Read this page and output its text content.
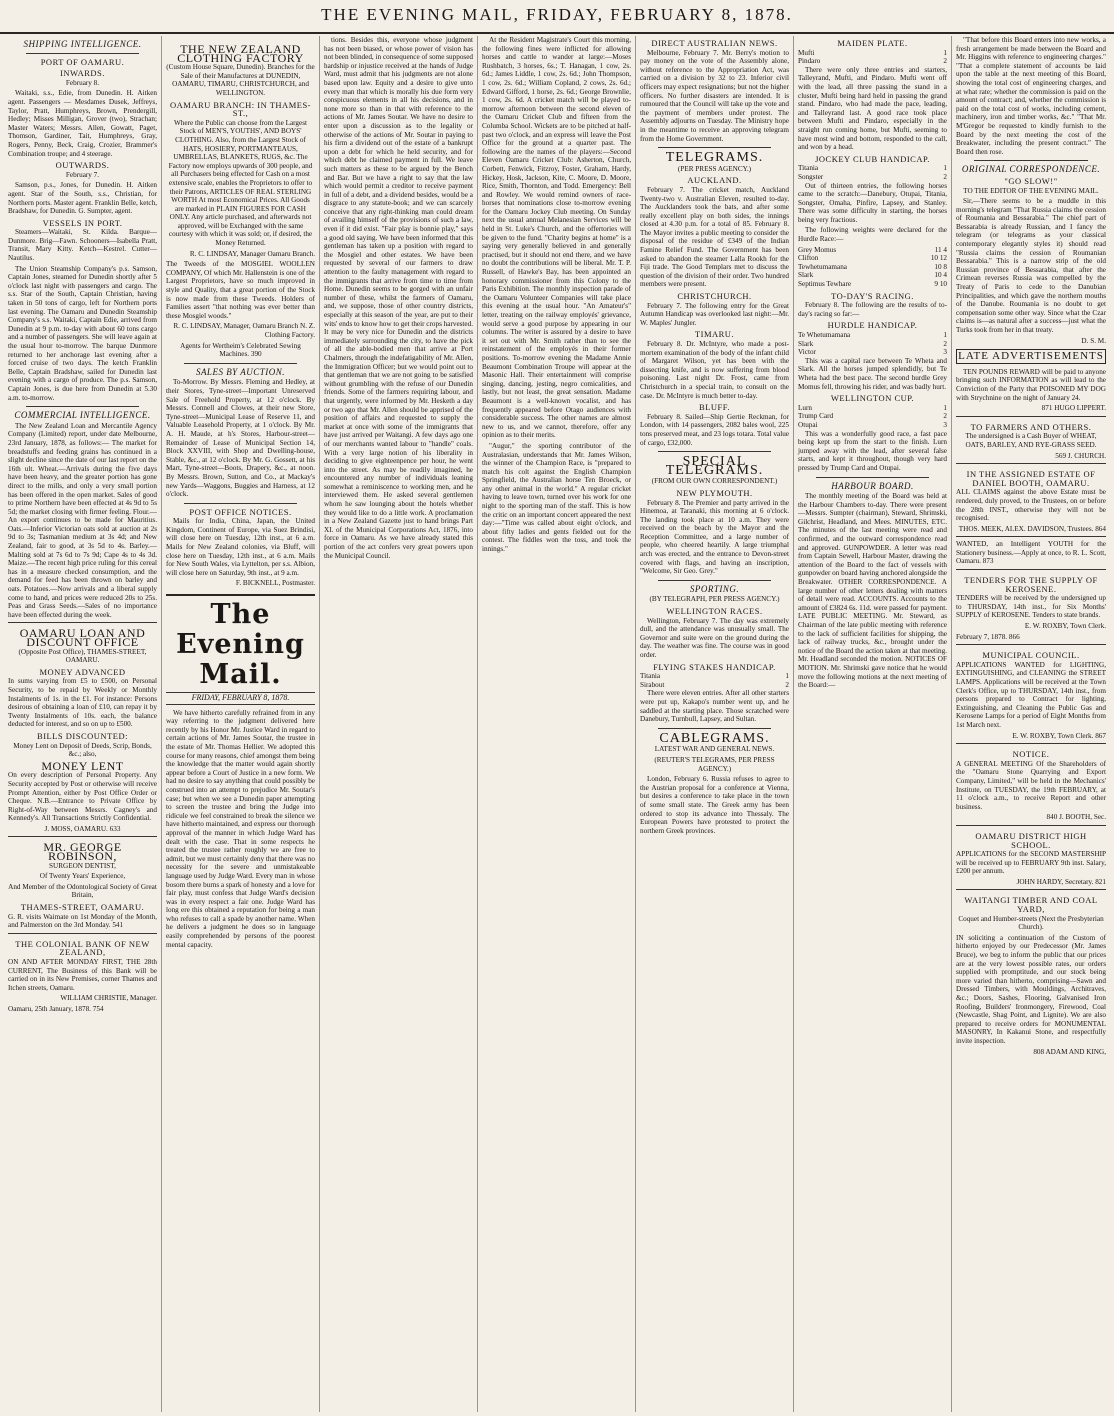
THE EVENING MAIL, FRIDAY, FEBRUARY 8, 1878.
SHIPPING INTELLIGENCE.
PORT OF OAMARU.
INWARDS.

February 8.

Waitaki, s.s., Edie, from Dunedin. H. Aitken agent. Passengers — Mesdames Dusek, Jeffreys, Taylor, Pratt, Humphreys, Brown, Prendergill, Hedley; Misses Milligan, Grover (two), Strachan; Master Waters; Messrs. Allen, Gowatt, Paget, Thomson, Gardiner, Tait, Humphreys, Gray, Rogers, Penny, Beck, Craig, Crozier, Brammer's Combination troupe; and 4 steerage.

OUTWARDS.

February 7.

Samson, p.s., Jones, for Dunedin. H. Aitken agent. Star of the South, s.s., Christian, for Northern ports. Master agent. Franklin Belle, ketch, Bradshaw, for Dunedin. G. Sumpter, agent.

VESSELS IN PORT.

Steamers—Waitaki, St. Kilda. Barque—Dunmore. Brig—Fawn. Schooners—Isabella Pratt, Transit, Mary Kitty. Ketch—Kestrel. Cutter—Nautilus.

The Union Steamship Company's p.s. Samson, Captain Jones, steamed for Dunedin shortly after 5 o'clock last night with passengers and cargo. The s.s. Star of the South, Captain Christian, having taken in 50 tons of cargo, left for Northern ports last evening. The Oamaru and Dunedin Steamship Company's s.s. Waitaki, Captain Edie, arrived from Dunedin at 9 p.m. to-day with about 60 tons cargo and a number of passengers. She will leave again at the usual hour to-morrow. The barque Dunmore returned to her anchorage last evening after a forced cruise of two days. The ketch Franklin Belle, Captain Bradshaw, sailed for Dunedin last evening with a cargo of produce. The p.s. Samson, Captain Jones, is due here from Dunedin at 5.30 a.m. to-morrow.

COMMERCIAL INTELLIGENCE.

The New Zealand Loan and Mercantile Agency Company (Limited) report, under date Melbourne, 23rd January, 1878, as follows:— The market for breadstuffs and feeding grains has continued in a slight decline since the date of our last report on the 16th ult. Wheat.—Arrivals during the five days have been heavy, and the greater portion has gone direct to the mills, and only a very small portion has been offered in the open market. Sales of good to prime Northern have been effected at 4s 9d to 5s 5d; the market closing with firmer feeling. Flour.—An export continues to be made for Mauritius. Oats.—Inferior Victorian oats sold at auction at 2s 9d to 3s; Tasmanian medium at 3s 4d; and New Zealand, fair to good, at 3s 5d to 4s. Barley.—Malting sold at 7s 6d to 7s 9d; Cape 4s to 4s 3d. Maize.—The recent high price ruling for this cereal has in a measure checked consumption, and the demand for feed has been thrown on barley and oats. Potatoes.—Now arrivals and a liberal supply come to hand, and prices were reduced 20s to 25s. Peas and Grass Seeds.—Sales of no importance have been effected during the week.

OAMARU LOAN AND DISCOUNT OFFICE

(Opposite Post Office), THAMES-STREET, OAMARU.

MONEY ADVANCED

In sums varying from £5 to £500, on Personal Security, to be repaid by Weekly or Monthly Instalments of 1s. in the £1. For instance: Persons desirous of obtaining a loan of £10, can repay it by Twenty Instalments of 10s. each, the balance deducted for interest, and so on up to £500.

BILLS DISCOUNTED:

Money Lent on Deposit of Deeds, Scrip, Bonds, &c.; also,

MONEY LENT

On every description of Personal Property. Any Security accepted by Post or otherwise will receive Prompt Attention, either by Post Office Order or Cheque. N.B.—Entrance to Private Office by Right-of-Way between Messrs. Cagney's and Kennedy's. All Transactions Strictly Confidential.

J. MOSS, OAMARU. 633

MR. GEORGE ROBINSON,

SURGEON DENTIST,

Of Twenty Years' Experience,

And Member of the Odontological Society of Great Britain,

THAMES-STREET, OAMARU.

G. R. visits Waimate on 1st Monday of the Month, and Palmerston on the 3rd Monday. 541

THE COLONIAL BANK OF NEW ZEALAND,

ON AND AFTER MONDAY FIRST, THE 28th CURRENT, The Business of this Bank will be carried on in its New Premises, corner Thames and Itchen streets, Oamaru.

WILLIAM CHRISTIE, Manager.

Oamaru, 25th January, 1878. 754

THE NEW ZEALAND CLOTHING FACTORY

(Custom House Square, Dunedin). Branches for the Sale of their Manufactures at DUNEDIN, OAMARU, TIMARU, CHRISTCHURCH, and WELLINGTON.

OAMARU BRANCH: IN THAMES-ST.,

Where the Public can choose from the Largest Stock of MEN'S, YOUTHS', AND BOYS' CLOTHING. Also, from the Largest Stock of HATS, HOSIERY, PORTMANTEAUS, UMBRELLAS, BLANKETS, RUGS, &c. The Factory now employs upwards of 300 people, and all Purchasers being effected for Cash on a most extensive scale, enables the Proprietors to offer to their Patrons, ARTICLES OF REAL STERLING WORTH At most Economical Prices. All Goods are marked in PLAIN FIGURES FOR CASH ONLY. Any article purchased, and afterwards not approved, will be Exchanged with the same courtesy with which it was sold; or, if desired, the Money Returned.

R. C. LINDSAY, Manager Oamaru Branch.

The Tweeds of the MOSGIEL WOOLLEN COMPANY, Of which Mr. Hallenstein is one of the Largest Proprietors, have so much improved in style and Quality, that a great portion of the Stock is now made from these Tweeds. Holders of Families assert "that nothing was ever better than these Mosgiel woods."

R. C. LINDSAY, Manager, Oamaru Branch N. Z. Clothing Factory.

Agents for Wertheim's Celebrated Sewing Machines. 390

SALES BY AUCTION.

To-Morrow. By Messrs. Fleming and Hedley, at their Stores, Tyne-street—Important Unreserved Sale of Freehold Property, at 12 o'clock. By Messrs. Connell and Clowes, at their new Store, Tyne-street—Municipal Lease of Reserve 11, and Valuable Leasehold Property, at 1 o'clock. By Mr. A. H. Maude, at h's Stores, Harbour-street—Remainder of Lease of Municipal Section 14, Block XXVIII, with Shop and Dwelling-house, Stable, &c., at 12 o'clock. By Mr. G. Gossett, at his Mart, Tyne-street—Boots, Drapery, &c., at noon. By Messrs. Brown, Sutton, and Co., at Mackay's new Yards—Waggons, Buggies and Harness, at 12 o'clock.

POST OFFICE NOTICES.

Mails for India, China, Japan, the United Kingdom, Continent of Europe, via Suez Brindisi, will close here on Tuesday, 12th inst., at 6 a.m. Mails for New Zealand colonies, via Bluff, will close here on Tuesday, 12th inst., at 6 a.m. Mails for New South Wales, via Lyttelton, per s.s. Albion, will close here on Saturday, 9th inst., at 9 a.m.

F. BICKNELL, Postmaster.

The Evening Mail.
FRIDAY, FEBRUARY 8, 1878.

We have hitherto carefully refrained from in any way referring to the judgment delivered here recently by his Honor Mr. Justice Ward in regard to certain actions of Mr. James Soutar, the trustee in the estate of Mr. Thomas Hellier. We adopted this course for many reasons, chief amongst them being the knowledge that the matter would again shortly appear before a Court of Justice in a new form. We had no desire to say anything that could possibly be construed into an attempt to prejudice Mr. Soutar's case; but when we see a Dunedin paper attempting to screen the trustee and bring the Judge into ridicule we feel constrained to break the silence we have hitherto maintained, and express our thorough approval of the manner in which Judge Ward has dealt with the case. That in some respects he treated the trustee rather roughly we are free to admit, but we must certainly deny that there was no necessity for the severe and unmistakeable language used by Judge Ward. Every man in whose bosom there burns a spark of honesty and a love for fair play, must confess that Judge Ward's decision was in every respect a fair one. Judge Ward has long ere this obtained a reputation for being a man who refuses to call a spade by another name. When he delivers a judgment he does so in language easily comprehended by persons of the poorest mental capacity.

tions. Besides this, everyone whose judgment has not been biased, or whose power of vision has not been blinded, in consequence of some supposed hardship or injustice received at the hands of Judge Ward, must admit that his judgments are not alone based upon law. Equity and a desire to give unto every man that which is morally his due form very conspicuous elements in all his decisions, and in none more so than in that with reference to the actions of Mr. James Soutar. We have no desire to enter upon a discussion as to the legality or otherwise of the actions of Mr. Soutar in paying to his firm a dividend out of the estate of a bankrupt upon a debt for which he held security, and for which debt he claimed payment in full. We leave such matters as these to be argued by the Bench and Bar. But we have a right to say that the law which would permit a creditor to receive payment in full of a debt, and a dividend besides, would be a disgrace to any statute-book; and we can scarcely conceive that any right-thinking man could dream of availing himself of the provisions of such a law, even if it did exist. "Fair play is bonnie play," says a good old saying. We have been informed that this gentleman has taken up a position with regard to the Mosgiel and other estates. We have been requested by several of our farmers to draw attention to the faulty management with regard to the immigrants that arrive from time to time from Home. Dunedin seems to be gorged with an unfair number of these, whilst the farmers of Oamaru, and, we suppose, those of other country districts, especially at this season of the year, are put to their wits' ends to know how to get their crops harvested. It may be very nice for Dunedin and the districts immediately surrounding the city, to have the pick of all the able-bodied men that arrive at Port Chalmers, through the indefatigability of Mr. Allen, the Immigration Officer; but we would point out to that gentleman that we are not going to be satisfied without grumbling with the refuse of our Dunedin friends. Some of the farmers requiring labour, and that urgently, were informed by Mr. Hesketh a day or two ago that Mr. Allen should be apprised of the position of affairs and requested to supply the market at once with some of the immigrants that have just arrived per Waitangi. A few days ago one of our merchants wanted labour to "handle" coals. With a very large notion of his liberality in deciding to give eighteenpence per hour, he went into the street. As may be readily imagined, he encountered any number of individuals leaning somewhat a reminiscence to working men, and he interviewed them. He asked several gentlemen whom he saw lounging about the hotels whether they would like to do a little work. A proclamation in a New Zealand Gazette just to hand brings Part XI. of the Municipal Corporations Act, 1876, into force in Oamaru. As we have already stated this portion of the act confers very great powers upon the Municipal Council.

At the Resident Magistrate's Court this morning, the following fines were inflicted for allowing horses and cattle to wander at large:—Moses Rushbatch, 3 horses, 6s.; T. Hanagan, 1 cow, 2s. 6d.; James Liddle, 1 cow, 2s. 6d.; John Thompson, 1 cow, 2s. 6d.; William Copland, 2 cows, 2s. 6d.; Edward Gifford, 1 horse, 2s. 6d.; George Brownlie, 1 cow, 2s. 6d. A cricket match will be played to-morrow afternoon between the second eleven of the Oamaru Cricket Club and fifteen from the Columba School. Wickets are to be pitched at half-past two o'clock, and an express will leave the Post Office for the ground at a quarter past. The following are the names of the players:—Second Eleven Oamaru Cricket Club: Asherton, Church, Corbett, Fenwick, Fitzroy, Foster, Graham, Hardy, Hickey, Hosk, Jackson, Kite, C. Moore, D. Moore, Rice, Smith, Thornton, and Todd. Emergency: Bell and Rowley. We would remind owners of race-horses that nominations close to-morrow evening for the Oamaru Jockey Club meeting. On Sunday next the usual annual Melanesian Services will be held in St. Luke's Church, and the offertories will be given to the fund. "Charity begins at home" is a saying very generally believed in and generally practised, but it should not end there, and we have no doubt the contributions will be liberal. Mr. T. P. Russell, of Hawke's Bay, has been appointed an honorary commissioner from this Colony to the Paris Exhibition. The monthly inspection parade of the Oamaru Volunteer Companies will take place this evening at the usual hour. "An Amateur's" letter, treating on the railway employés' grievance, would serve a good purpose by appearing in our columns. The writer is assured by a desire to have it set out with Mr. Smith rather than to see the reinstatement of the employés in their former positions. To-morrow evening the Madame Annie Beaumont Combination Troupe will appear at the Masonic Hall. Their entertainment will comprise singing, dancing, jesting, negro comicalities, and lastly, but not least, the great sensation. Madame Beaumont is a well-known vocalist, and has frequently appeared before Otago audiences with considerable success. The other names are almost new to us, and we cannot, therefore, offer any opinion as to their merits.

"Augur," the sporting contributor of the Australasian, understands that Mr. James Wilson, the winner of the Champion Race, is "prepared to match his colt against the English Champion Springfield, the Australian horse Ten Broeck, or any other animal in the world." A regular cricket having to leave town, turned over his work for one night to the sporting man of the staff. This is how the critic on an important concert appeared the next day:—"Time was called about eight o'clock, and about fifty ladies and gents fielded out for the contest. The fiddles won the toss, and took the innings."

DIRECT AUSTRALIAN NEWS.

Melbourne, February 7. Mr. Berry's motion to pay money on the vote of the Assembly alone, without reference to the Appropriation Act, was carried on a division by 32 to 23. Inferior civil officers may expect resignations; but not the higher officers. No further disasters are intended. It is rumoured that the Council will take up the vote and the payment of members under protest. The Assembly adjourns on Tuesday. The Ministry hope in the meantime to receive an approving telegram from the Home Government.

TELEGRAMS.

(PER PRESS AGENCY.)

AUCKLAND.

February 7. The cricket match, Auckland Twenty-two v. Australian Eleven, resulted to-day. The Aucklanders took the bats, and after some really excellent play on both sides, the innings closed at 4.30 p.m. for a total of 85. February 8. The Mayor invites a public meeting to consider the disposal of the residue of £349 of the Indian Famine Relief Fund. The Government has been asked to abandon the steamer Lalla Rookh for the Fiji trade. The Good Templars met to discuss the question of the division of their order. Two hundred members were present.

CHRISTCHURCH.

February 7. The following entry for the Great Autumn Handicap was overlooked last night:—Mr. W. Maples' Jungler.

TIMARU.

February 8. Dr. McIntyre, who made a post-mortem examination of the body of the infant child of Margaret Wilson, yet has been with the dissecting knife, and is now suffering from blood poisoning. Last night Dr. Frost, came from Christchurch in a special train, to consult on the case. Dr. McIntyre is much better to-day.

BLUFF.

February 8. Sailed—Ship Gertie Reckman, for London, with 14 passengers, 2082 bales wool, 225 tons preserved meat, and 23 logs totara. Total value of cargo, £32,000.

SPECIAL TELEGRAMS.

(FROM OUR OWN CORRESPONDENT.)

NEW PLYMOUTH.

February 8. The Premier and party arrived in the Hinemoa, at Taranaki, this morning at 6 o'clock. The landing took place at 10 a.m. They were received on the beach by the Mayor and the Reception Committee, and a large number of people, who cheered heartily. A large triumphal arch was erected, and the entrance to Devon-street covered with flags, and having an inscription, "Welcome, Sir Geo. Grey."

SPORTING.

(BY TELEGRAPH, PER PRESS AGENCY.)

WELLINGTON RACES.

Wellington, February 7. The day was extremely dull, and the attendance was unusually small. The Governor and suite were on the ground during the day. The weather was fine. The course was in good order.

FLYING STAKES HANDICAP.
Titania	1
Sirabout	2

There were eleven entries. After all other starters were put up, Kakapo's number went up, and he saddled at the starting place. Those scratched were Danebury, Turnbull, Lapsey, and Sultan.

CABLEGRAMS.

LATEST WAR AND GENERAL NEWS.

(REUTER'S TELEGRAMS, PER PRESS AGENCY.)

London, February 6. Russia refuses to agree to the Austrian proposal for a conference at Vienna, but desires a conference to take place in the town of some small state. The Greek army has been ordered to stop its advance into Thessaly. The European Powers have protested to protect the northern Greek provinces.

MAIDEN PLATE.
Mufti	1
Pindaro	2

There were only three entries and starters, Talleyrand, Mufti, and Pindaro. Mufti went off with the lead, all three passing the stand in a cluster, Mufti being hard held in passing the grand stand. Pindaro, who had made the pace, leading, and Talleyrand last. A good race took place between Mufti and Pindaro, especially in the straight run coming home, but Mufti, seeming to have most wind and bottom, responded to the call, and won by a head.

JOCKEY CLUB HANDICAP.
Titania	1
Songster	2

Out of thirteen entries, the following horses came to the scratch:—Danebury, Otupai, Titania, Songster, Omaha, Pinfire, Lapsey, and Stanley. There was some difficulty in starting, the horses being very fractious.

The following weights were declared for the Hurdle Race:—

Grey Momus	11 4
Clifton	10 12
Tewhetumamana	10 8
Slark	10 4
Septimus Tewhare	9 10
TO-DAY'S RACING.

February 8. The following are the results of to-day's racing so far:—

HURDLE HANDICAP.
Te Whetumamana	1
Slark	2
Victor	3

This was a capital race between Te Wheta and Slark. All the horses jumped splendidly, but Te Wheta had the best pace. The second hurdle Grey Momus fell, throwing his rider, and was badly hurt.

WELLINGTON CUP.
Lurn	1
Trump Card	2
Otupai	3

This was a wonderfully good race, a fast pace being kept up from the start to the finish. Lurn jumped away with the lead, after several false starts, and kept it throughout, though very hard pressed by Trump Card and Otupai.

HARBOUR BOARD.

The monthly meeting of the Board was held at the Harbour Chambers to-day. There were present—Messrs. Sumpter (chairman), Steward, Shrimski, Gilchrist, Headland, and Mees. MINUTES, ETC. The minutes of the last meeting were read and confirmed, and the outward correspondence read and approved. GUNPOWDER. A letter was read from Captain Sewell, Harbour Master, drawing the attention of the Board to the fact of vessels with gunpowder on board having anchored alongside the Breakwater. OTHER CORRESPONDENCE. A large number of other letters dealing with matters of detail were read. ACCOUNTS. Accounts to the amount of £3824 6s. 11d. were passed for payment. LATE PUBLIC MEETING. Mr. Steward, as Chairman of the late public meeting with reference to the lack of sufficient facilities for shipping, the lack of railway trucks, &c., brought under the notice of the Board the action taken at that meeting. Mr. Headland seconded the motion. NOTICES OF MOTION. Mr. Shrimski gave notice that he would move the following motions at the next meeting of the Board:—

"That before this Board enters into new works, a fresh arrangement be made between the Board and Mr. Higgins with reference to engineering charges." "That a complete statement of accounts be laid upon the table at the next meeting of this Board, showing the total cost of engineering charges, and at what rate; whether the commission is paid on the amount of contract; and, whether the commission is paid on the total cost of works, including cement, machinery, iron and timber works, &c." "That Mr. M'Gregor be requested to kindly furnish to the Board by the next meeting the cost of the Breakwater, including the present contract." The Board then rose.

ORIGINAL CORRESPONDENCE.
"GO SLOW!"

TO THE EDITOR OF THE EVENING MAIL.

Sir,—There seems to be a muddle in this morning's telegram "That Russia claims the cession of Roumania and Bessarabia." The chief part of Bessarabia is already Russian, and I fancy the telegram (or telegrams as your classical contemporary elegantly styles it) should read "Russia claims the cession of Roumanian Bessarabia." This is a narrow strip of the old Russian province of Bessarabia, that after the Crimean reverses Russia was compelled by the Treaty of Paris to cede to the Danubian Principalities, and which gave the northern mouths of the Danube. Roumania is no doubt to get compensation some other way. Since what the Czar claims is—as natural after a success—just what the Turks took from her in that treaty.

D. S. M.

LATE ADVERTISEMENTS

TEN POUNDS REWARD will be paid to anyone bringing such INFORMATION as will lead to the Conviction of the Party that POISONED MY DOG with Strychnine on the night of January 24.

871 HUGO LIPPERT.

TO FARMERS AND OTHERS.

The undersigned is a Cash Buyer of WHEAT, OATS, BARLEY, AND RYE-GRASS SEED.

569 J. CHURCH.

IN THE ASSIGNED ESTATE OF DANIEL BOOTH, OAMARU.

ALL CLAIMS against the above Estate must be rendered, duly proved, to the Trustees, on or before the 28th INST., otherwise they will not be recognised.

THOS. MEEK, ALEX. DAVIDSON, Trustees. 864

WANTED, an Intelligent YOUTH for the Stationery business.—Apply at once, to R. L. Scott, Oamaru. 873

TENDERS FOR THE SUPPLY OF KEROSENE.

TENDERS will be received by the undersigned up to THURSDAY, 14th inst., for Six Months' SUPPLY of KEROSENE. Tenders to state brands.

E. W. ROXBY, Town Clerk.

February 7, 1878. 866

MUNICIPAL COUNCIL.

APPLICATIONS WANTED for LIGHTING, EXTINGUISHING, and CLEANING the STREET LAMPS. Applications will be received at the Town Clerk's Office, up to THURSDAY, 14th inst., from persons prepared to Contract for lighting, Extinguishing, and Cleaning the Public Gas and Kerosene Lamps for a period of Eight Months from 1st March next.

E. W. ROXBY, Town Clerk. 867

NOTICE.

A GENERAL MEETING Of the Shareholders of the "Oamaru Stone Quarrying and Export Company, Limited," will be held in the Mechanics' Institute, on TUESDAY, the 19th FEBRUARY, at 11 o'clock a.m., to receive Report and other business.

840 J. BOOTH, Sec.

OAMARU DISTRICT HIGH SCHOOL.

APPLICATIONS for the SECOND MASTERSHIP will be received up to FEBRUARY 9th inst. Salary, £200 per annum.

JOHN HARDY, Secretary. 821

WAITANGI TIMBER AND COAL YARD,

Coquet and Humber-streets (Next the Presbyterian Church).

IN soliciting a continuation of the Custom of hitherto enjoyed by our Predecessor (Mr. James Bruce), we beg to inform the public that our prices are at the very lowest possible rates, our orders supplied with promptitude, and our stock being more varied than hitherto, comprising—Sawn and Dressed Timbers, with Mouldings, Architraves, &c.; Doors, Sashes, Flooring, Galvanised Iron Roofing, Builders' Ironmongery, Firewood, Coal (Newcastle, Shag Point, and Lignite). We are also prepared to receive orders for MONUMENTAL MASONRY, In Kakanui Stone, and respectfully invite inspection.

808 ADAM AND KING,
